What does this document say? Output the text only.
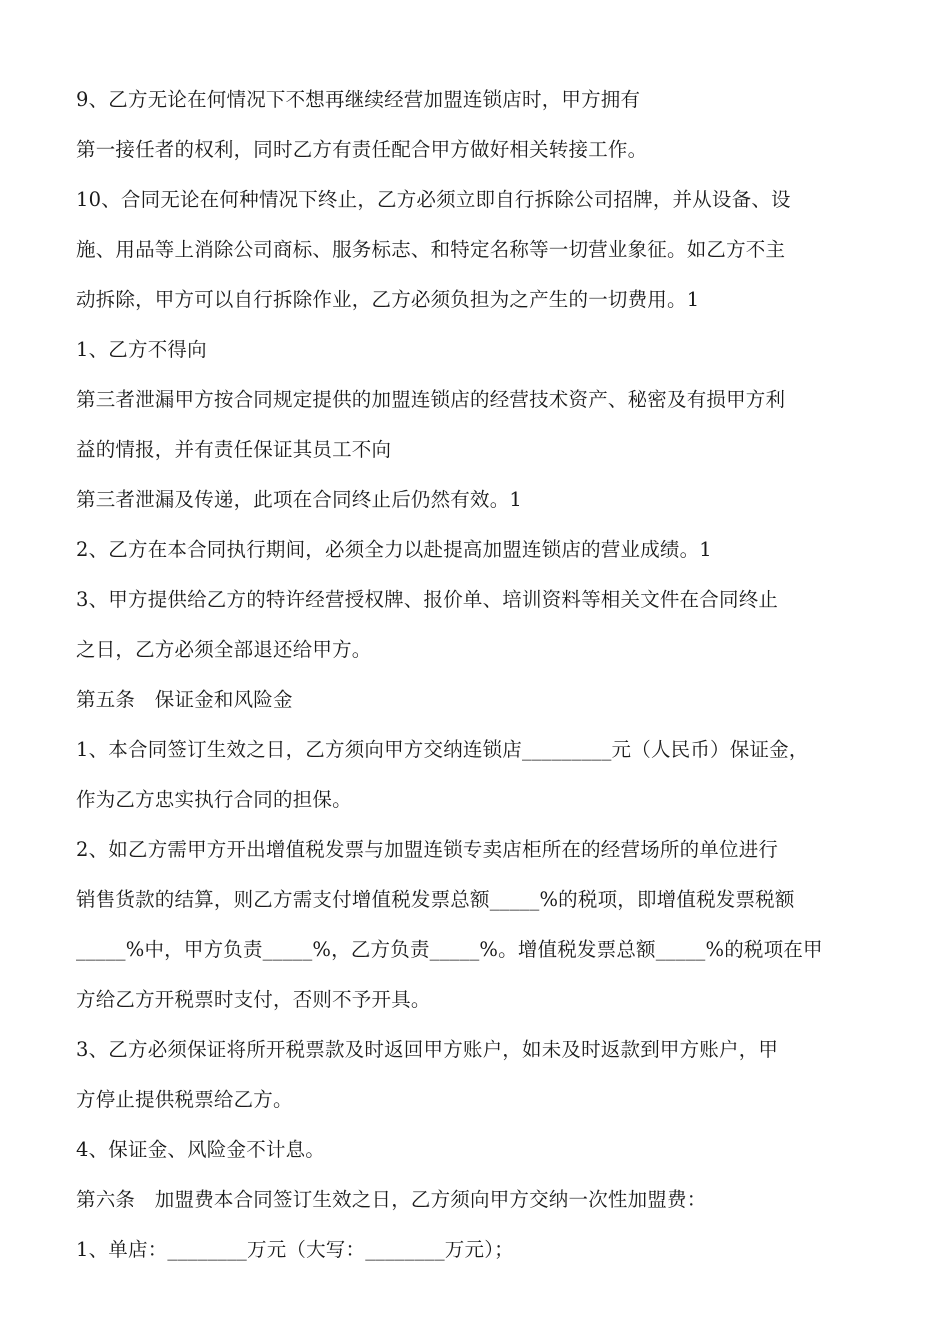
9、乙方无论在何情况下不想再继续经营加盟连锁店时，甲方拥有

第一接任者的权利，同时乙方有责任配合甲方做好相关转接工作。

10、合同无论在何种情况下终止，乙方必须立即自行拆除公司招牌，并从设备、设

施、用品等上消除公司商标、服务标志、和特定名称等一切营业象征。如乙方不主

动拆除，甲方可以自行拆除作业，乙方必须负担为之产生的一切费用。1

1、乙方不得向

第三者泄漏甲方按合同规定提供的加盟连锁店的经营技术资产、秘密及有损甲方利

益的情报，并有责任保证其员工不向

第三者泄漏及传递，此项在合同终止后仍然有效。1

2、乙方在本合同执行期间，必须全力以赴提高加盟连锁店的营业成绩。1

3、甲方提供给乙方的特许经营授权牌、报价单、培训资料等相关文件在合同终止

之日，乙方必须全部退还给甲方。

第五条　保证金和风险金

1、本合同签订生效之日，乙方须向甲方交纳连锁店_________元（人民币）保证金，

作为乙方忠实执行合同的担保。

2、如乙方需甲方开出增值税发票与加盟连锁专卖店柜所在的经营场所的单位进行

销售货款的结算，则乙方需支付增值税发票总额_____%的税项，即增值税发票税额

_____%中，甲方负责_____%，乙方负责_____%。增值税发票总额_____%的税项在甲

方给乙方开税票时支付，否则不予开具。

3、乙方必须保证将所开税票款及时返回甲方账户，如未及时返款到甲方账户，甲

方停止提供税票给乙方。

4、保证金、风险金不计息。

第六条　加盟费本合同签订生效之日，乙方须向甲方交纳一次性加盟费：

1、单店：________万元（大写：________万元）；
